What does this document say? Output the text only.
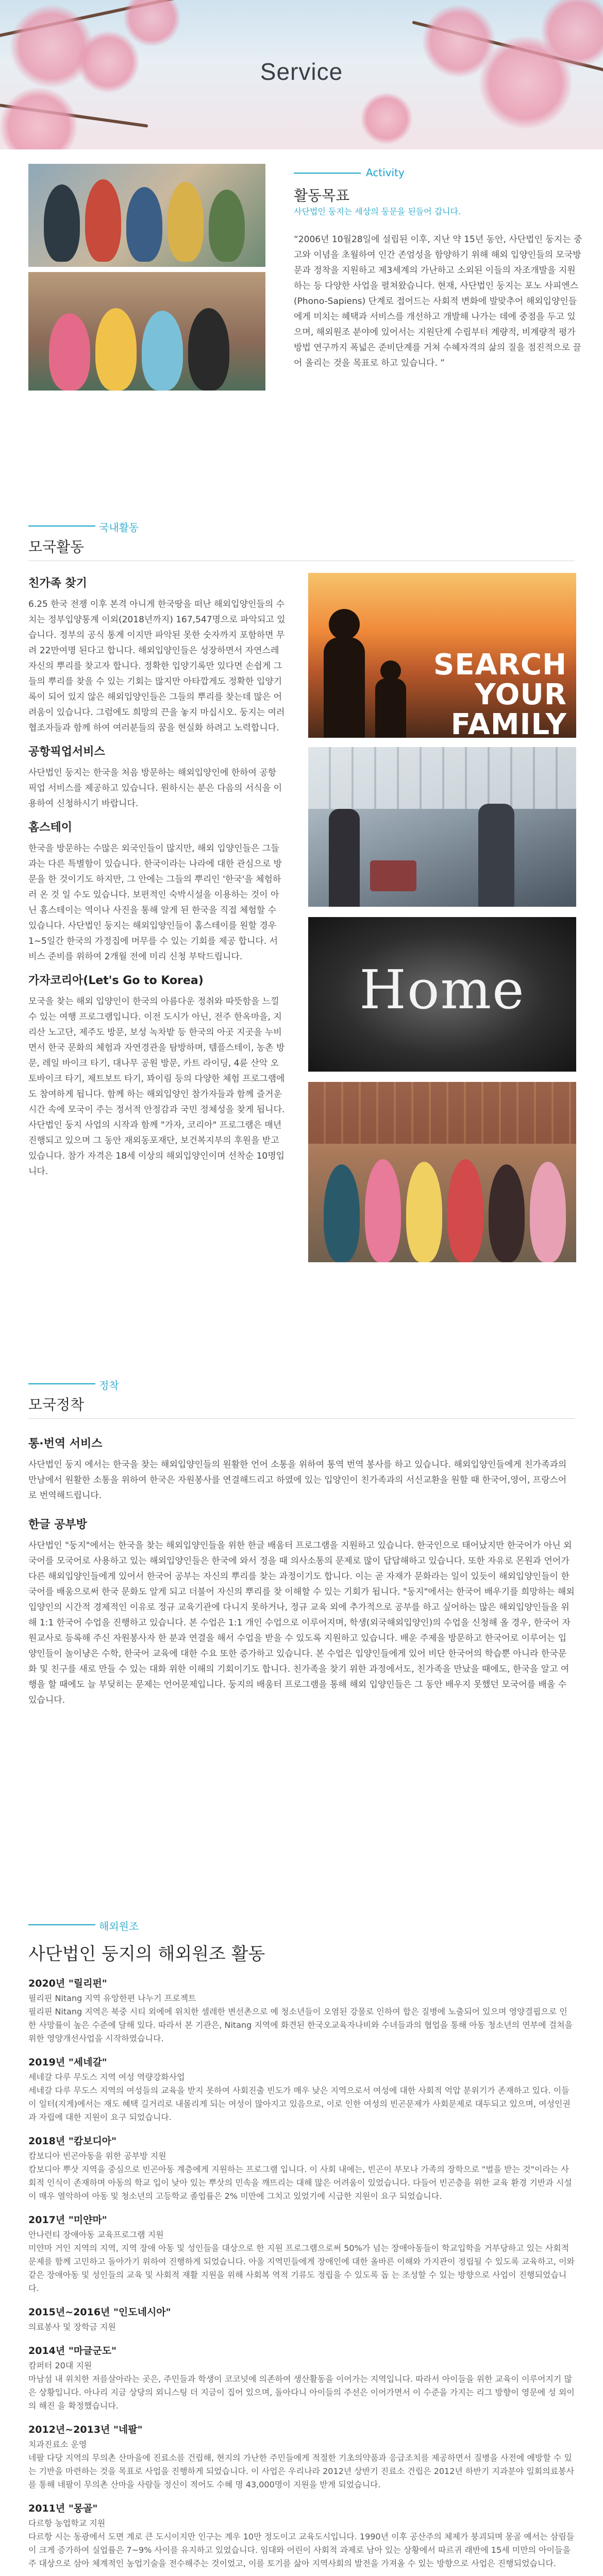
Service
Activity
활동목표
사단법인 둥지는 세상의 둥문을 된들어 갑니다.
“2006년 10월28일에 설립된 이후, 지난 약 15년 동안, 사단법인 둥지는 중고와 이념을 초월하여 인간 존엄성을 함양하기 위해 해외 입양인들의 모국방문과 정착을 지원하고 제3세계의 가난하고 소외된 이들의 자조개발을 지원하는 등 다양한 사업을 펼쳐왔습니다. 현재, 사단법인 둥지는 포노 사피엔스(Phono-Sapiens) 단계로 접어드는 사회적 변화에 발맞추어 해외입양인들에게 미치는 혜택과 서비스를 개선하고 개발해 나가는 데에 중점을 두고 있으며, 해외원조 분야에 있어서는 지원단계 수립부터 계량적, 비계량적 평가방법 연구까지 폭넓은 준비단계를 거쳐 수혜자격의 삶의 질을 점진적으로 끌어 올리는 것을 목표로 하고 있습니다. ”
국내활동
모국활동
친가족 찾기
6.25 한국 전쟁 이후 본격 아니게 한국땅을 떠난 해외입양인들의 수치는 정부입양통계 이외(2018년까지) 167,547명으로 파악되고 있습니다. 정부의 공식 통계 이지만 파악된 못한 숫자까지 포함하면 무려 22만여명 된다고 합니다. 해외입양인들은 성장하면서 자연스레 자신의 뿌리를 찾고자 합니다. 정확한 입양기록만 있다면 손쉽게 그들의 뿌리를 찾을 수 있는 기회는 많지만 아타깝게도 정확한 입양기록이 되어 있지 않은 해외입양인들은 그들의 뿌리를 찾는데 많은 어려움이 있습니다. 그럼에도 희망의 끈을 놓지 마십시오. 둥지는 여러 협조자들과 함께 하여 여러분들의 꿈을 현실화 하려고 노력합니다.
공항픽업서비스
사단법인 둥지는 한국을 처음 방문하는 해외입양인에 한하여 공항 픽업 서비스를 제공하고 있습니다. 원하시는 분은 다음의 서식을 이용하여 신청하시기 바랍니다.
홈스테이
한국을 방문하는 수많은 외국인들이 많지만, 해외 입양인들은 그들과는 다른 특별함이 있습니다. 한국이라는 나라에 대한 관심으로 방문을 한 것이기도 하지만, 그 안에는 그들의 뿌리인 '한국'을 체험하러 온 것 일 수도 있습니다. 보편적인 숙박시설을 이용하는 것이 아닌 홈스테이는 역이나 사진을 통해 알게 된 한국을 직접 체험할 수 있습니다. 사단법인 둥지는 해외입양인들이 홈스테이를 원할 경우 1~5일간 한국의 가정집에 머무를 수 있는 기회를 제공 합니다. 서비스 준비를 위하여 2개월 전에 미리 신청 부탁드립니다.
가자코리아(Let's Go to Korea)
모국을 찾는 해외 입양인이 한국의 아름다운 정취와 따뜻함을 느낄 수 있는 여행 프로그램입니다. 이전 도시가 아닌, 전주 한옥마을, 지리산 노고단, 제주도 방문, 보성 녹차밭 등 한국의 아곳 지곳을 누비면서 한국 문화의 체험과 자연경관을 탐방하며, 템플스테이, 농촌 방문, 레일 바이크 타기, 대나무 공원 방문, 카트 라이딩, 4륜 산악 오토바이크 타기, 제트보트 타기, 꽈이림 등의 다양한 체험 프로그램에도 참여하게 됩니다. 함께 하는 해외입양인 참가자들과 함께 즐거운 시간 속에 모국이 주는 정서적 안정감과 국민 정체성을 찾게 됩니다. 사단법인 둥지 사업의 시작과 함께 "가자, 코리아" 프로그램은 매년 진행되고 있으며 그 동안 재외동포재단, 보건복지부의 후원을 받고 있습니다. 참가 자격은 18세 이상의 해외입양인이며 선착순 10명입니다.
SEARCH
YOUR
FAMILY
Home
정착
모국정착
통·번역 서비스
사단법인 둥지 에서는 한국을 찾는 해외입양인들의 원활한 언어 소통을 위하여 통역 번역 봉사를 하고 있습니다. 해외입양인들에게 친가족과의 만남에서 원활한 소통을 위하여 한국은 자원봉사를 연결해드리고 하였에 있는 입양인이 친가족과의 서신교환을 원할 때 한국어,영어, 프랑스어로 번역해드립니다.
한글 공부방
사단법인 "둥지"에서는 한국을 찾는 해외입양인들을 위한 한글 배움터 프로그램을 지원하고 있습니다. 한국인으로 태어났지만 한국어가 아닌 외국어를 모국어로 사용하고 있는 해외입양인들은 한국에 와서 정을 때 의사소통의 문제로 많이 답답해하고 있습니다. 또한 자유로 몬원과 언어가 다른 해외입양인들에게 있어서 한국어 공부는 자신의 뿌리를 찾는 과정이기도 합니다. 이는 곧 자재가 문화라는 일이 있듯이 해외입양인들이 한국어를 배움으로써 한국 문화도 알게 되고 더불어 자신의 뿌리를 찾 이해할 수 있는 기회가 됩니다. "둥지"에서는 한국어 배우기를 희망하는 해외입양인의 시간적 경제적인 이유로 정규 교육기관에 다니지 못하거나, 정규 교육 외에 추가적으로 공부를 하고 싶어하는 많은 해외입양인들을 위해 1:1 한국어 수업을 진행하고 있습니다. 본 수업은 1:1 개인 수업으로 이루어지며, 학생(외국해외입양인)의 수업을 신청해 올 경우, 한국어 자원교사로 등록해 주신 자원봉사자 한 분과 연결을 해서 수업을 받을 수 있도록 지원하고 있습니다. 배운 주제을 방문하고 한국어로 이루어는 입양인들이 놀이냥은 수학, 한국어 교육에 대한 수요 또한 증가하고 있습니다. 본 수업은 입양인들에게 있어 비단 한국어의 학습뿐 아니라 한국문화 및 친구를 새로 만들 수 있는 대화 위한 이해의 기회이기도 합니다. 친가족을 찾기 위한 과정에서도, 친가족을 만났을 때에도, 한국을 알고 여행을 할 때에도 늘 부딪히는 문제는 언어문제입니다. 둥지의 배움터 프로그램을 통해 해외 입양인들은 그 동안 배우지 못했던 모국어를 배울 수 있습니다.
해외원조
사단법인 둥지의 해외원조 활동
2020년 "릴리펀"
필리핀 Nitang 지역 유앙한편 나누기 프로젝트
필리핀 Nitang 지역은 북중 시티 외에에 위치한 셀레한 변선촌으로 예 청소년들이 오염된 강물로 인하여 합은 질병에 노출되어 있으며 영양결핍으로 인한 사망률이 높은 수준에 달해 있다. 따라서 본 기관은, Nitang 지역에 화견된 한국오교육자나비와 수녀들과의 협업을 통해 아동 청소년의 연부에 걸쳐을 위한 영양개선사업을 시작하였습니다.
2019년 "세네갈"
세네갈 다루 무도스 지역 여성 역량강화사업
세네갈 다루 무도스 지역의 여성들의 교육을 받지 못하여 사회진출 빈도가 매우 낮은 지역으로서 여성에 대한 사회적 억압 분위기가 존재하고 있다. 이들이 일터(지게)에서는 재도 혜택 길거리로 내몰리게 되는 여성이 많아지고 있음으로, 이로 인한 여성의 빈곤문제가 사회문제로 대두되고 있으며, 여성인권과 자립에 대한 지원이 요구 되었습니다.
2018년 "캄보디아"
캄보디아 빈곤아동을 위한 공부방 지원
캄보디아 뿌삿 지역을 중심으로 빈곤아동 계층에게 지원하는 프로그램 입니다. 이 사회 내에는, 빈곤이 부모나 가족의 장학으로 "벌을 받는 것"이라는 사회적 인식이 존재하며 아동의 학교 입이 낮아 있는 뿌삿의 민속을 깨뜨리는 대해 많은 어려움이 있었습니다. 다들어 빈곤층을 위한 교육 환경 기반과 시설이 매우 열악하여 아동 및 청소년의 고등학교 졸업률은 2% 미만에 그치고 있었기에 시급한 지원이 요구 되었습니다.
2017년 "미얀마"
안나런티 장애아동 교육프로그램 지원
미얀마 거인 지역의 지역, 지역 장애 아동 및 성인들을 대상으로 한 지원 프로그램으로써 50%가 넘는 장애아동들이 학교입학을 거부당하고 있는 사회적 문제를 함께 고민하고 돌아가기 위하여 진행하게 되었습니다. 아울 지역민들에게 장애인에 대한 올바른 이해와 가지관이 정립될 수 있도록 교육하고, 이와 같은 장애아동 및 성인들의 교육 및 사회적 재활 지원을 위해 사회복 역적 기류도 정립을 수 있도록 돕 는 조성할 수 있는 방향으로 사업이 진행되었습니다.
2015년~2016년 "인도네시아"
의료봉사 및 장학금 지원
2014년 "마글군도"
캄퍼터 20대 지원
마남섬 내 위치한 저를살아라는 곳은, 주민들과 학생이 코코넛에 의존하여 생산활동을 이어가는 지역입니다. 따라서 아이들을 위한 교육이 이루어지기 많은 상황입니다. 아나리 지금 상당의 외니스팅 더 지금이 집어 있으며, 돌아다니 아이들의 주선은 이어가면서 이 수준을 가지는 리그 방향이 영문에 성 외이의 해진 을 확정했습니다.
2012년~2013년 "네팔"
치과진료소 운영
네팔 다당 지역의 무의촌 산마을에 진료소를 건립해, 현지의 가난한 주민들에게 적절한 기초의약품과 응급조치를 제공하면서 질병을 사전에 예방할 수 있는 기반을 마련하는 것을 목표로 사업을 진행하게 되었습니다. 이 사업은 우리나라 2012년 상반기 진료소 건립은 2012년 하반기 지과분야 일회의료봉사를 통해 네팔이 무의촌 산마을 사람들 정신이 적어도 수혜 명 43,000명이 지원을 받게 되었습니다.
2011년 "몽골"
다르항 농업학교 지원
다르항 시는 동광에서 도면 계로 큰 도시이지만 인구는 계우 10만 정도이고 교육도시입니다. 1990년 이후 공산주의 체제가 붕괴되며 몽골 예서는 삼림들이 크게 증가하여 실업률은 7~9% 사이를 유지하고 있었습니다. 임대와 어린이 사회적 과제로 남아 있는 상황에서 따르귀 래반에 15세 미만의 아이들을 주 대상으로 삼아 체계적인 농업기술을 전수해주는 것이었고, 이를 토기를 삶아 지역사회의 발전을 가져올 수 있는 방향으로 사업은 진행되었습니다.
